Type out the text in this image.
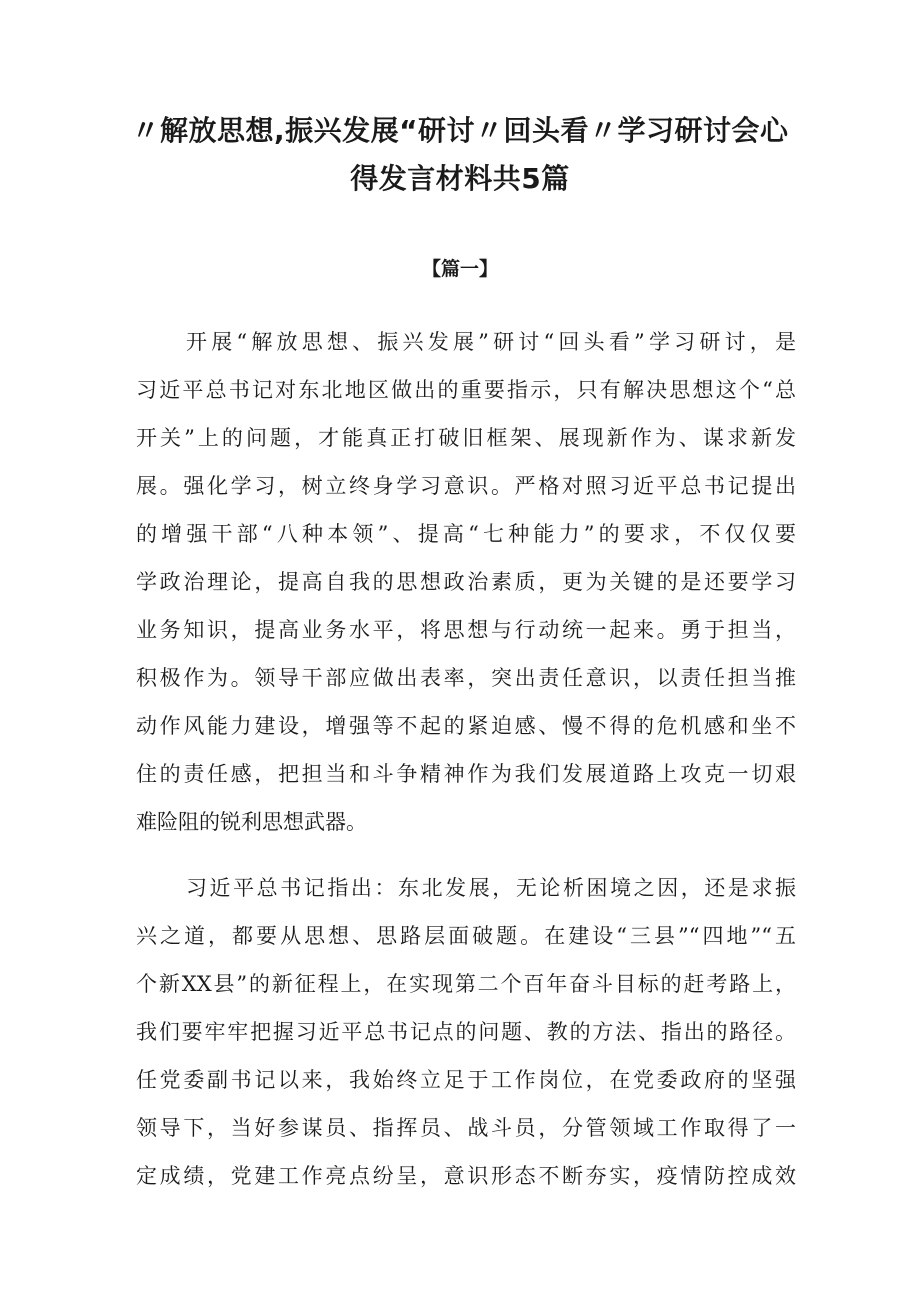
〃解放思想,振兴发展“研讨〃回头看〃学习研讨会心
得发言材料共5篇
【篇一】
开展“解放思想、振兴发展”研讨“回头看”学习研讨，是
习近平总书记对东北地区做出的重要指示，只有解决思想这个“总
开关”上的问题，才能真正打破旧框架、展现新作为、谋求新发
展。强化学习，树立终身学习意识。严格对照习近平总书记提出
的增强干部“八种本领”、提高“七种能力”的要求，不仅仅要
学政治理论，提高自我的思想政治素质，更为关键的是还要学习
业务知识，提高业务水平，将思想与行动统一起来。勇于担当，
积极作为。领导干部应做出表率，突出责任意识，以责任担当推
动作风能力建设，增强等不起的紧迫感、慢不得的危机感和坐不
住的责任感，把担当和斗争精神作为我们发展道路上攻克一切艰
难险阻的锐利思想武器。
习近平总书记指出：东北发展，无论析困境之因，还是求振
兴之道，都要从思想、思路层面破题。在建设“三县”“四地”“五
个新XX县”的新征程上，在实现第二个百年奋斗目标的赶考路上，
我们要牢牢把握习近平总书记点的问题、教的方法、指出的路径。
任党委副书记以来，我始终立足于工作岗位，在党委政府的坚强
领导下，当好参谋员、指挥员、战斗员，分管领域工作取得了一
定成绩，党建工作亮点纷呈，意识形态不断夯实，疫情防控成效
